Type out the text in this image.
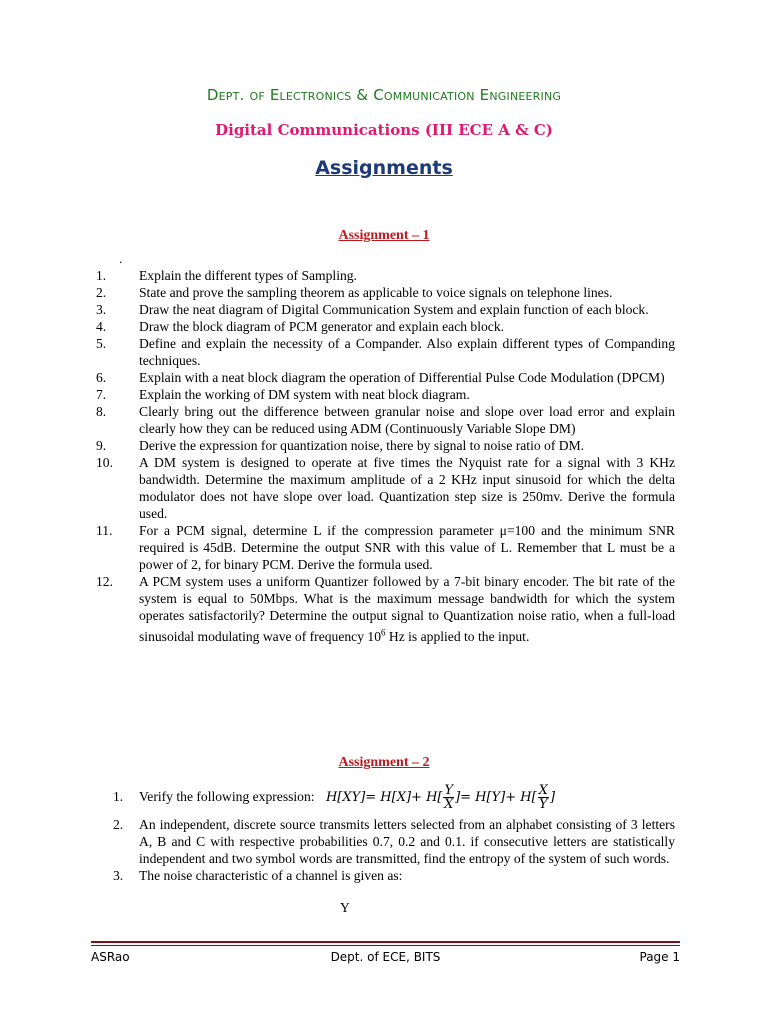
Dept. of Electronics & Communication Engineering
Digital Communications (III ECE A & C)
Assignments
Assignment – 1
.
1.	Explain the different types of Sampling.
2.	State and prove the sampling theorem as applicable to voice signals on telephone lines.
3.	Draw the neat diagram of Digital Communication System and explain function of each block.
4.	Draw the block diagram of PCM generator and explain each block.
5.	Define and explain the necessity of a Compander. Also explain different types of Companding techniques.
6.	Explain with a neat block diagram the operation of Differential Pulse Code Modulation (DPCM)
7.	Explain the working of DM system with neat block diagram.
8.	Clearly bring out the difference between granular noise and slope over load error and explain clearly how they can be reduced using ADM (Continuously Variable Slope DM)
9.	Derive the expression for quantization noise, there by signal to noise ratio of DM.
10.	A DM system is designed to operate at five times the Nyquist rate for a signal with 3 KHz bandwidth. Determine the maximum amplitude of a 2 KHz input sinusoid for which the delta modulator does not have slope over load. Quantization step size is 250mv. Derive the formula used.
11.	For a PCM signal, determine L if the compression parameter μ=100 and the minimum SNR required is 45dB. Determine the output SNR with this value of L. Remember that L must be a power of 2, for binary PCM. Derive the formula used.
12.	A PCM system uses a uniform Quantizer followed by a 7-bit binary encoder. The bit rate of the system is equal to 50Mbps. What is the maximum message bandwidth for which the system operates satisfactorily? Determine the output signal to Quantization noise ratio, when a full-load sinusoidal modulating wave of frequency $10^6$ Hz is applied to the input.
Assignment – 2
1.	Verify the following expression: $H[XY]= H[X]+ H[ \frac{Y}{X}$ ]= $H[Y]+ H[ \frac{X}{Y}$ ]
2.	An independent, discrete source transmits letters selected from an alphabet consisting of 3 letters A, B and C with respective probabilities 0.7, 0.2 and 0.1. if consecutive letters are statistically independent and two symbol words are transmitted, find the entropy of the system of such words.
3.	The noise characteristic of a channel is given as:
Y
ASRao	Dept. of ECE, BITS	Page 1
